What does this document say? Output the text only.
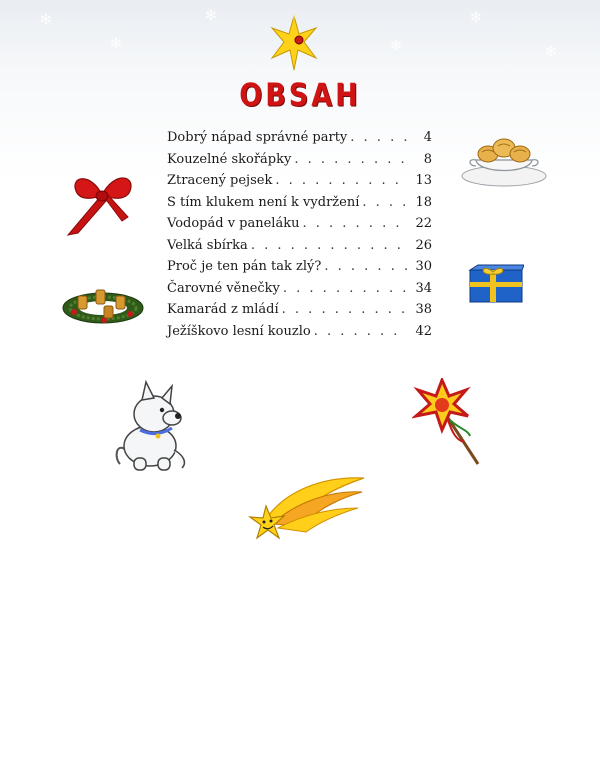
✻
✻
✻
✻
✻
✻
OBSAH
Dobrý nápad správné party . . .	4
Kouzelné skořápky . . .	8
Ztracený pejsek . . .	13
S tím klukem není k vydržení . . .	18
Vodopád v paneláku . . .	22
Velká sbírka . . .	26
Proč je ten pán tak zlý? . . .	30
Čarovné věnečky . . .	34
Kamarád z mládí . . .	38
Ježíškovo lesní kouzlo . . .	42
